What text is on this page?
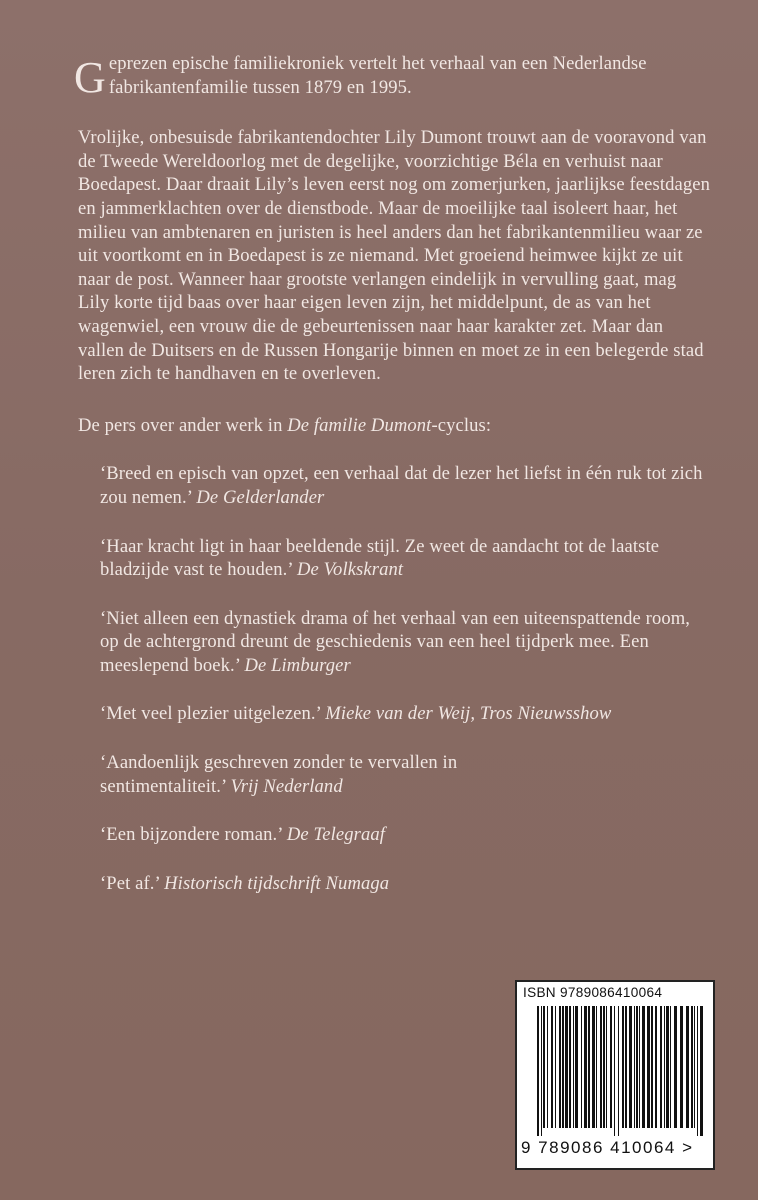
Geprezen epische familiekroniek vertelt het verhaal van een Nederlandse fabrikantenfamilie tussen 1879 en 1995.

Vrolijke, onbesuisde fabrikantendochter Lily Dumont trouwt aan de vooravond van de Tweede Wereldoorlog met de degelijke, voorzichtige Béla en verhuist naar Boedapest. Daar draait Lily’s leven eerst nog om zomerjurken, jaarlijkse feestdagen en jammerklachten over de dienstbode. Maar de moeilijke taal isoleert haar, het milieu van ambtenaren en juristen is heel anders dan het fabrikantenmilieu waar ze uit voortkomt en in Boedapest is ze niemand. Met groeiend heimwee kijkt ze uit naar de post. Wanneer haar grootste verlangen eindelijk in vervulling gaat, mag Lily korte tijd baas over haar eigen leven zijn, het middelpunt, de as van het wagenwiel, een vrouw die de gebeurtenissen naar haar karakter zet. Maar dan vallen de Duitsers en de Russen Hongarije binnen en moet ze in een belegerde stad leren zich te handhaven en te overleven.

De pers over ander werk in De familie Dumont-cyclus:

‘Breed en episch van opzet, een verhaal dat de lezer het liefst in één ruk tot zich zou nemen.’ De Gelderlander

‘Haar kracht ligt in haar beeldende stijl. Ze weet de aandacht tot de laatste bladzijde vast te houden.’ De Volkskrant

‘Niet alleen een dynastiek drama of het verhaal van een uiteenspattende room, op de achtergrond dreunt de geschiedenis van een heel tijdperk mee. Een meeslepend boek.’ De Limburger

‘Met veel plezier uitgelezen.’ Mieke van der Weij, Tros Nieuwsshow

‘Aandoenlijk geschreven zonder te vervallen in sentimentaliteit.’ Vrij Nederland

‘Een bijzondere roman.’ De Telegraaf

‘Pet af.’ Historisch tijdschrift Numaga

ISBN 9789086410064
9 789086 410064 >
